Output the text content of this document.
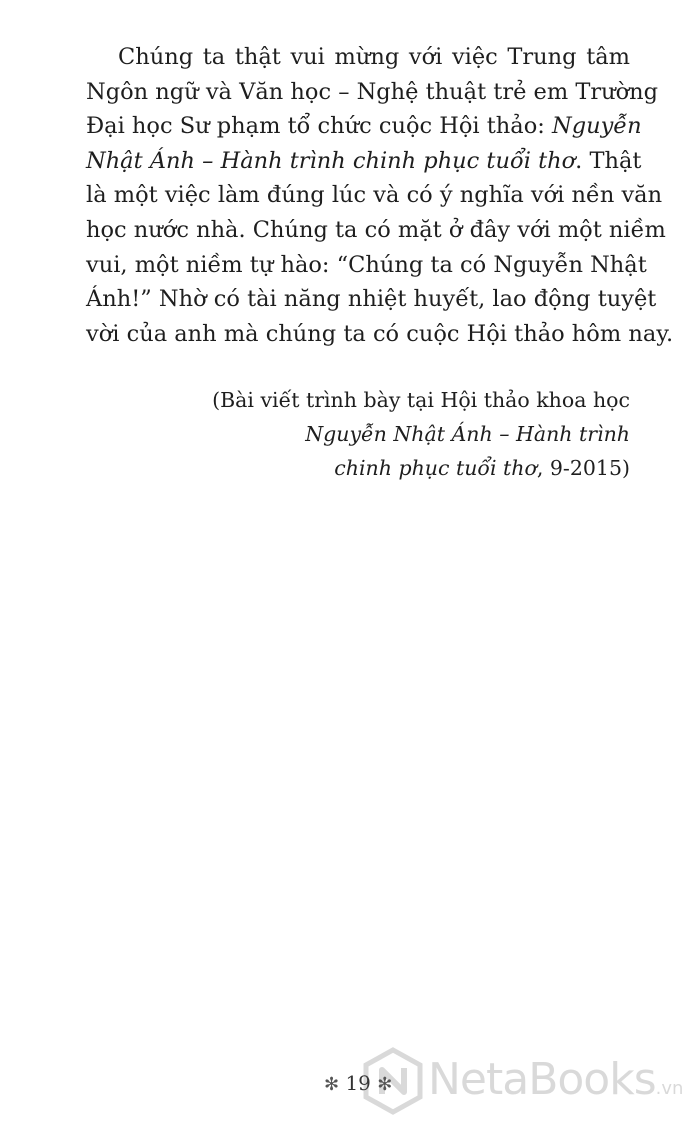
Chúng ta thật vui mừng với việc Trung tâm
Ngôn ngữ và Văn học – Nghệ thuật trẻ em Trường
Đại học Sư phạm tổ chức cuộc Hội thảo: Nguyễn
Nhật Ánh – Hành trình chinh phục tuổi thơ. Thật
là một việc làm đúng lúc và có ý nghĩa với nền văn
học nước nhà. Chúng ta có mặt ở đây với một niềm
vui, một niềm tự hào: “Chúng ta có Nguyễn Nhật
Ánh!” Nhờ có tài năng nhiệt huyết, lao động tuyệt
vời của anh mà chúng ta có cuộc Hội thảo hôm nay.
(Bài viết trình bày tại Hội thảo khoa học
Nguyễn Nhật Ánh – Hành trình
chinh phục tuổi thơ, 9-2015)
✻ 19 ✻ NetaBooks.vn
